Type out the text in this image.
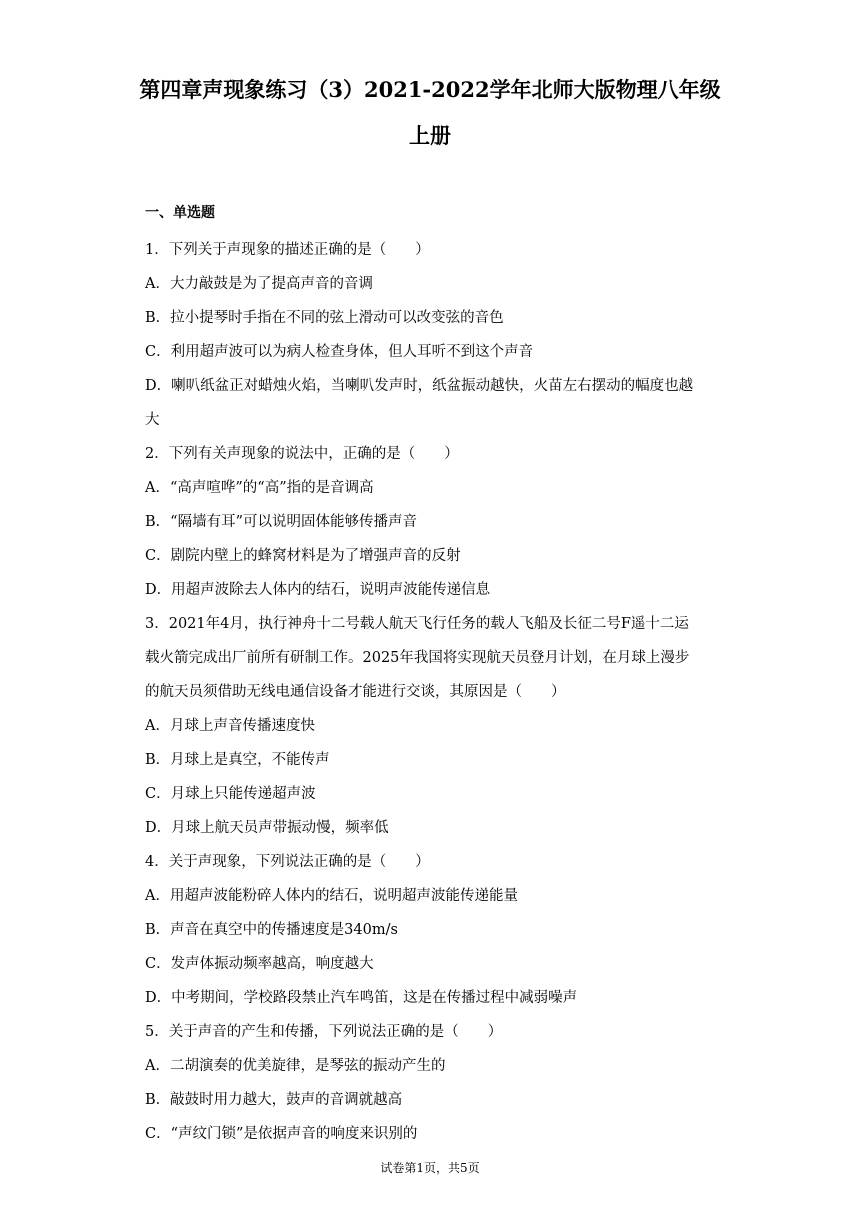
第四章声现象练习（3）2021-2022学年北师大版物理八年级
上册
一、单选题
1．下列关于声现象的描述正确的是（　　）
A．大力敲鼓是为了提高声音的音调
B．拉小提琴时手指在不同的弦上滑动可以改变弦的音色
C．利用超声波可以为病人检查身体，但人耳听不到这个声音
D．喇叭纸盆正对蜡烛火焰，当喇叭发声时，纸盆振动越快，火苗左右摆动的幅度也越
大
2．下列有关声现象的说法中，正确的是（　　）
A．“高声喧哗”的“高”指的是音调高
B．“隔墙有耳”可以说明固体能够传播声音
C．剧院内壁上的蜂窝材料是为了增强声音的反射
D．用超声波除去人体内的结石，说明声波能传递信息
3．2021年4月，执行神舟十二号载人航天飞行任务的载人飞船及长征二号F遥十二运
载火箭完成出厂前所有研制工作。2025年我国将实现航天员登月计划，在月球上漫步
的航天员须借助无线电通信设备才能进行交谈，其原因是（　　）
A．月球上声音传播速度快
B．月球上是真空，不能传声
C．月球上只能传递超声波
D．月球上航天员声带振动慢，频率低
4．关于声现象，下列说法正确的是（　　）
A．用超声波能粉碎人体内的结石，说明超声波能传递能量
B．声音在真空中的传播速度是340m/s
C．发声体振动频率越高，响度越大
D．中考期间，学校路段禁止汽车鸣笛，这是在传播过程中减弱噪声
5．关于声音的产生和传播，下列说法正确的是（　　）
A．二胡演奏的优美旋律，是琴弦的振动产生的
B．敲鼓时用力越大，鼓声的音调就越高
C．“声纹门锁”是依据声音的响度来识别的
试卷第1页，共5页
